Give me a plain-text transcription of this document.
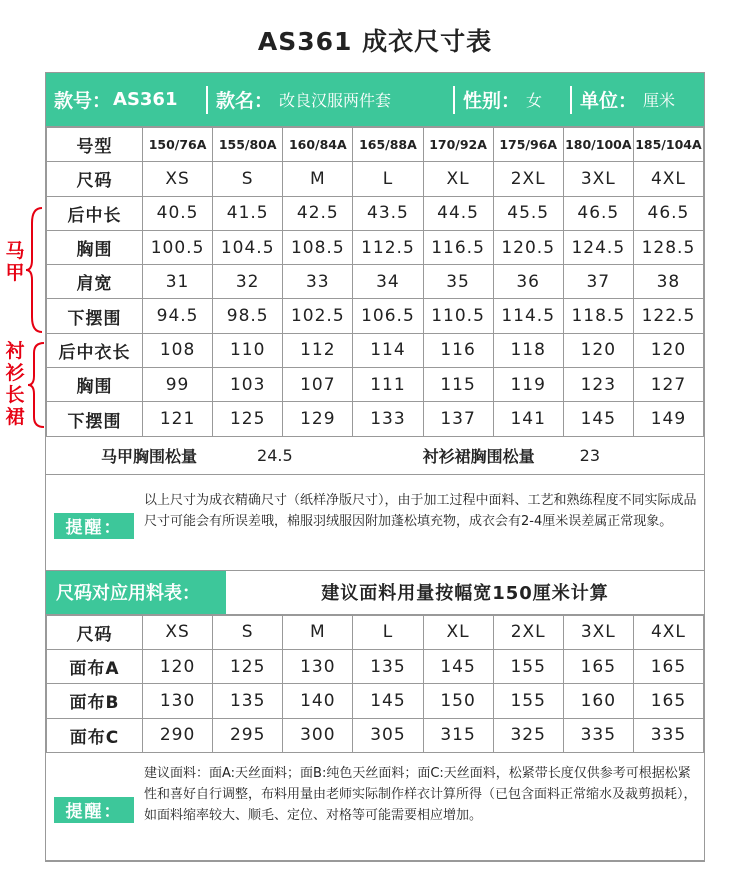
AS361 成衣尺寸表
马甲
衬衫长裙
款号： AS361 款名： 改良汉服两件套	性别： 女 单位： 厘米
号型	150/76A	155/80A	160/84A	165/88A	170/92A	175/96A	180/100A	185/104A
尺码	XS	S	M	L	XL	2XL	3XL	4XL
后中长	40.5	41.5	42.5	43.5	44.5	45.5	46.5	46.5
胸围	100.5	104.5	108.5	112.5	116.5	120.5	124.5	128.5
肩宽	31	32	33	34	35	36	37	38
下摆围	94.5	98.5	102.5	106.5	110.5	114.5	118.5	122.5
后中衣长	108	110	112	114	116	118	120	120
胸围	99	103	107	111	115	119	123	127
下摆围	121	125	129	133	137	141	145	149
马甲胸围松量	24.5	衬衫裙胸围松量	23
提醒：
以上尺寸为成衣精确尺寸（纸样净版尺寸），由于加工过程中面料、工艺和熟练程度不同实际成品尺寸可能会有所误差哦，棉服羽绒服因附加蓬松填充物，成衣会有2-4厘米误差属正常现象。
尺码对应用料表：	建议面料用量按幅宽150厘米计算
尺码	XS	S	M	L	XL	2XL	3XL	4XL
面布A	120	125	130	135	145	155	165	165
面布B	130	135	140	145	150	155	160	165
面布C	290	295	300	305	315	325	335	335
提醒：
建议面料：面A:天丝面料；面B:纯色天丝面料；面C:天丝面料，松紧带长度仅供参考可根据松紧性和喜好自行调整，布料用量由老师实际制作样衣计算所得（已包含面料正常缩水及裁剪损耗），如面料缩率较大、顺毛、定位、对格等可能需要相应增加。
